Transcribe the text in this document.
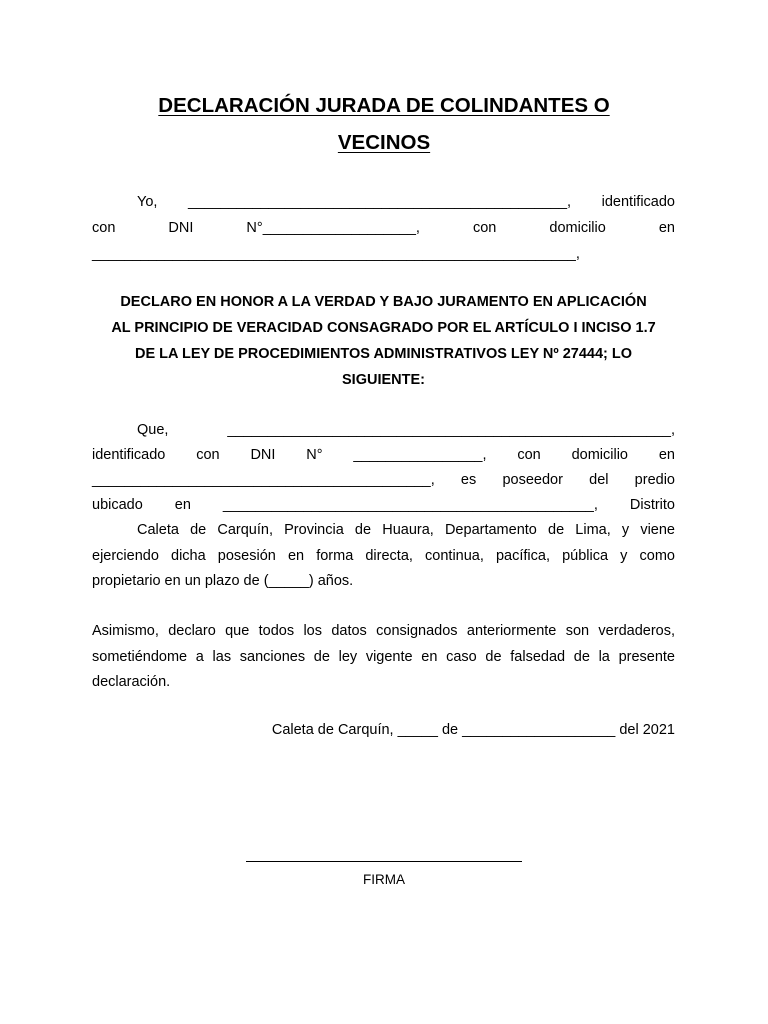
DECLARACIÓN JURADA DE COLINDANTES O
VECINOS

Yo, _______________________________________________, identificado

con DNI N°___________________, con domicilio en

____________________________________________________________,

DECLARO EN HONOR A LA VERDAD Y BAJO JURAMENTO EN APLICACIÓN

AL PRINCIPIO DE VERACIDAD CONSAGRADO POR EL ARTÍCULO I INCISO 1.7

DE LA LEY DE PROCEDIMIENTOS ADMINISTRATIVOS LEY Nº 27444; LO

SIGUIENTE:

Que, _______________________________________________________,

identificado con DNI N° ________________, con domicilio en

__________________________________________, es poseedor del predio

ubicado en ______________________________________________, Distrito

Caleta de Carquín, Provincia de Huaura, Departamento de Lima, y viene

ejerciendo dicha posesión en forma directa, continua, pacífica, pública y como

propietario en un plazo de (_____) años.

Asimismo, declaro que todos los datos consignados anteriormente son verdaderos,

sometiéndome a las sanciones de ley vigente en caso de falsedad de la presente

declaración.

Caleta de Carquín, _____ de ___________________ del 2021

FIRMA
